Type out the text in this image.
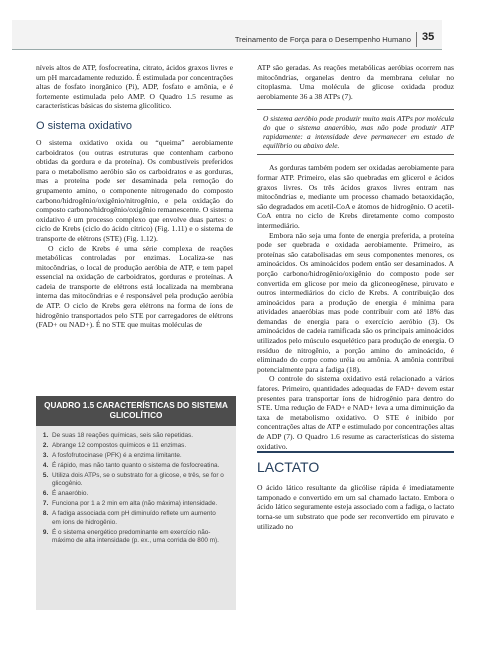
Treinamento de Força para o Desempenho Humano 35

níveis altos de ATP, fosfocreatina, citrato, ácidos graxos livres e um pH marcadamente reduzido. É estimulada por concentrações altas de fosfato inorgânico (Pi), ADP, fosfato e amônia, e é fortemente estimulada pelo AMP. O Quadro 1.5 resume as características básicas do sistema glicolítico.

O sistema oxidativo

O sistema oxidativo oxida ou “queima” aerobiamente carboidratos (ou outras estruturas que contenham carbono obtidas da gordura e da proteína). Os combustíveis preferidos para o metabolismo aeróbio são os carboidratos e as gorduras, mas a proteína pode ser desaminada pela remoção do grupamento amino, o componente nitrogenado do composto carbono/hidrogênio/oxigênio/nitrogênio, e pela oxidação do composto carbono/hidrogênio/oxigênio remanescente. O sistema oxidativo é um processo complexo que envolve duas partes: o ciclo de Krebs (ciclo do ácido cítrico) (Fig. 1.11) e o sistema de transporte de elétrons (STE) (Fig. 1.12).

O ciclo de Krebs é uma série complexa de reações metabólicas controladas por enzimas. Localiza-se nas mitocôndrias, o local de produção aeróbia de ATP, e tem papel essencial na oxidação de carboidratos, gorduras e proteínas. A cadeia de transporte de elétrons está localizada na membrana interna das mitocôndrias e é responsável pela produção aeróbia de ATP. O ciclo de Krebs gera elétrons na forma de íons de hidrogênio transportados pelo STE por carregadores de elétrons (FAD+ ou NAD+). É no STE que muitas moléculas de

QUADRO 1.5 CARACTERÍSTICAS DO SISTEMA GLICOLÍTICO
1. De suas 18 reações químicas, seis são repetidas.
2. Abrange 12 compostos químicos e 11 enzimas.
3. A fosfofrutocinase (PFK) é a enzima limitante.
4. É rápido, mas não tanto quanto o sistema de fosfocreatina.
5. Utiliza dois ATPs, se o substrato for a glicose, e três, se for o glicogênio.
6. É anaeróbio.
7. Funciona por 1 a 2 min em alta (não máxima) intensidade.
8. A fadiga associada com pH diminuído reflete um aumento em íons de hidrogênio.
9. É o sistema energético predominante em exercício não-máximo de alta intensidade (p. ex., uma corrida de 800 m).

ATP são geradas. As reações metabólicas aeróbias ocorrem nas mitocôndrias, organelas dentro da membrana celular no citoplasma. Uma molécula de glicose oxidada produz aerobiamente 36 a 38 ATPs (7).

O sistema aeróbio pode produzir muito mais ATPs por molécula do que o sistema anaeróbio, mas não pode produzir ATP rapidamente: a intensidade deve permanecer em estado de equilíbrio ou abaixo dele.

As gorduras também podem ser oxidadas aerobiamente para formar ATP. Primeiro, elas são quebradas em glicerol e ácidos graxos livres. Os três ácidos graxos livres entram nas mitocôndrias e, mediante um processo chamado betaoxidação, são degradados em acetil-CoA e átomos de hidrogênio. O acetil-CoA entra no ciclo de Krebs diretamente como composto intermediário.

Embora não seja uma fonte de energia preferida, a proteína pode ser quebrada e oxidada aerobiamente. Primeiro, as proteínas são catabolisadas em seus componentes menores, os aminoácidos. Os aminoácidos podem então ser desaminados. A porção carbono/hidrogênio/oxigênio do composto pode ser convertida em glicose por meio da gliconeogênese, piruvato e outros intermediários do ciclo de Krebs. A contribuição dos aminoácidos para a produção de energia é mínima para atividades anaeróbias mas pode contribuir com até 18% das demandas de energia para o exercício aeróbio (3). Os aminoácidos de cadeia ramificada são os principais aminoácidos utilizados pelo músculo esquelético para produção de energia. O resíduo de nitrogênio, a porção amino do aminoácido, é eliminado do corpo como uréia ou amônia. A amônia contribui potencialmente para a fadiga (18).

O controle do sistema oxidativo está relacionado a vários fatores. Primeiro, quantidades adequadas de FAD+ devem estar presentes para transportar íons de hidrogênio para dentro do STE. Uma redução de FAD+ e NAD+ leva a uma diminuição da taxa de metabolismo oxidativo. O STE é inibido por concentrações altas de ATP e estimulado por concentrações altas de ADP (7). O Quadro 1.6 resume as características do sistema oxidativo.

LACTATO

O ácido lático resultante da glicólise rápida é imediatamente tamponado e convertido em um sal chamado lactato. Embora o ácido lático seguramente esteja associado com a fadiga, o lactato torna-se um substrato que pode ser reconvertido em piruvato e utilizado no
